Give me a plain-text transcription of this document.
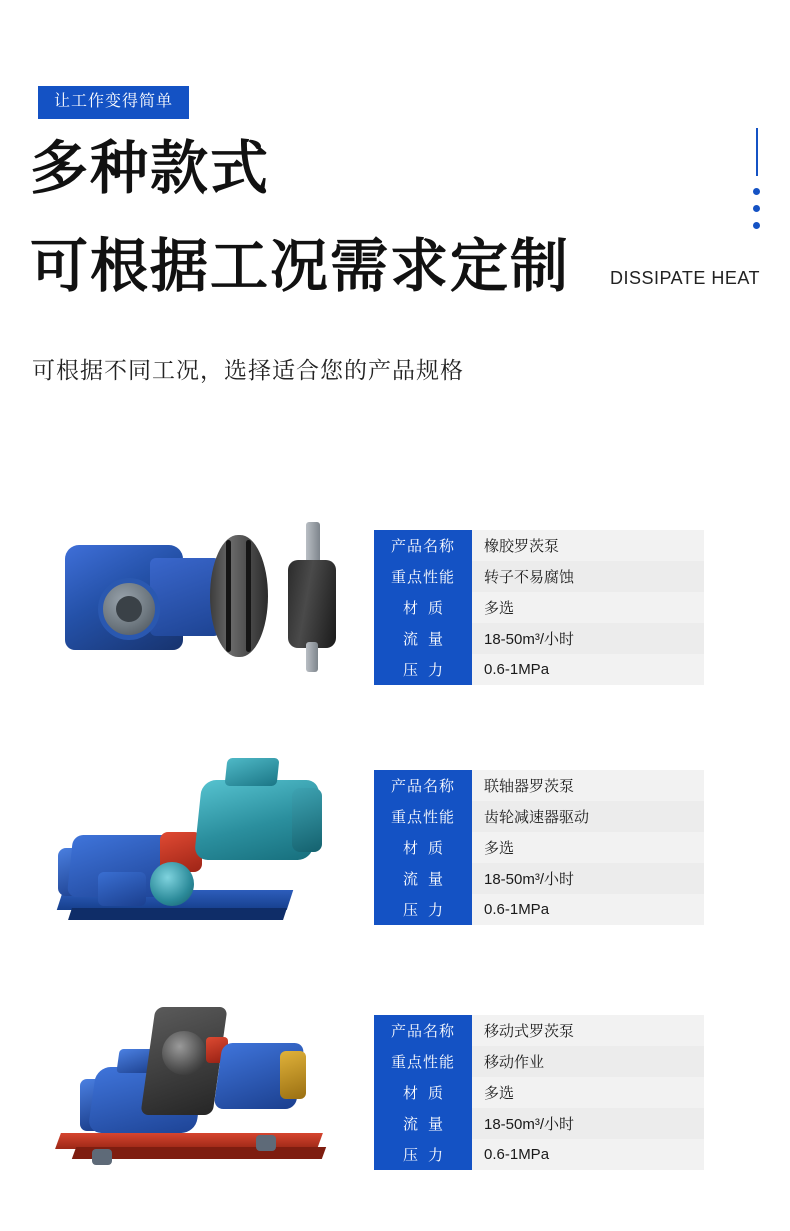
让工作变得简单
多种款式
可根据工况需求定制
可根据不同工况，选择适合您的产品规格
DISSIPATE HEAT
产品名称	橡胶罗茨泵
重点性能	转子不易腐蚀
材质	多选
流量	18-50m³/小时
压力	0.6-1MPa
产品名称	联轴器罗茨泵
重点性能	齿轮减速器驱动
材质	多选
流量	18-50m³/小时
压力	0.6-1MPa
产品名称	移动式罗茨泵
重点性能	移动作业
材质	多选
流量	18-50m³/小时
压力	0.6-1MPa
